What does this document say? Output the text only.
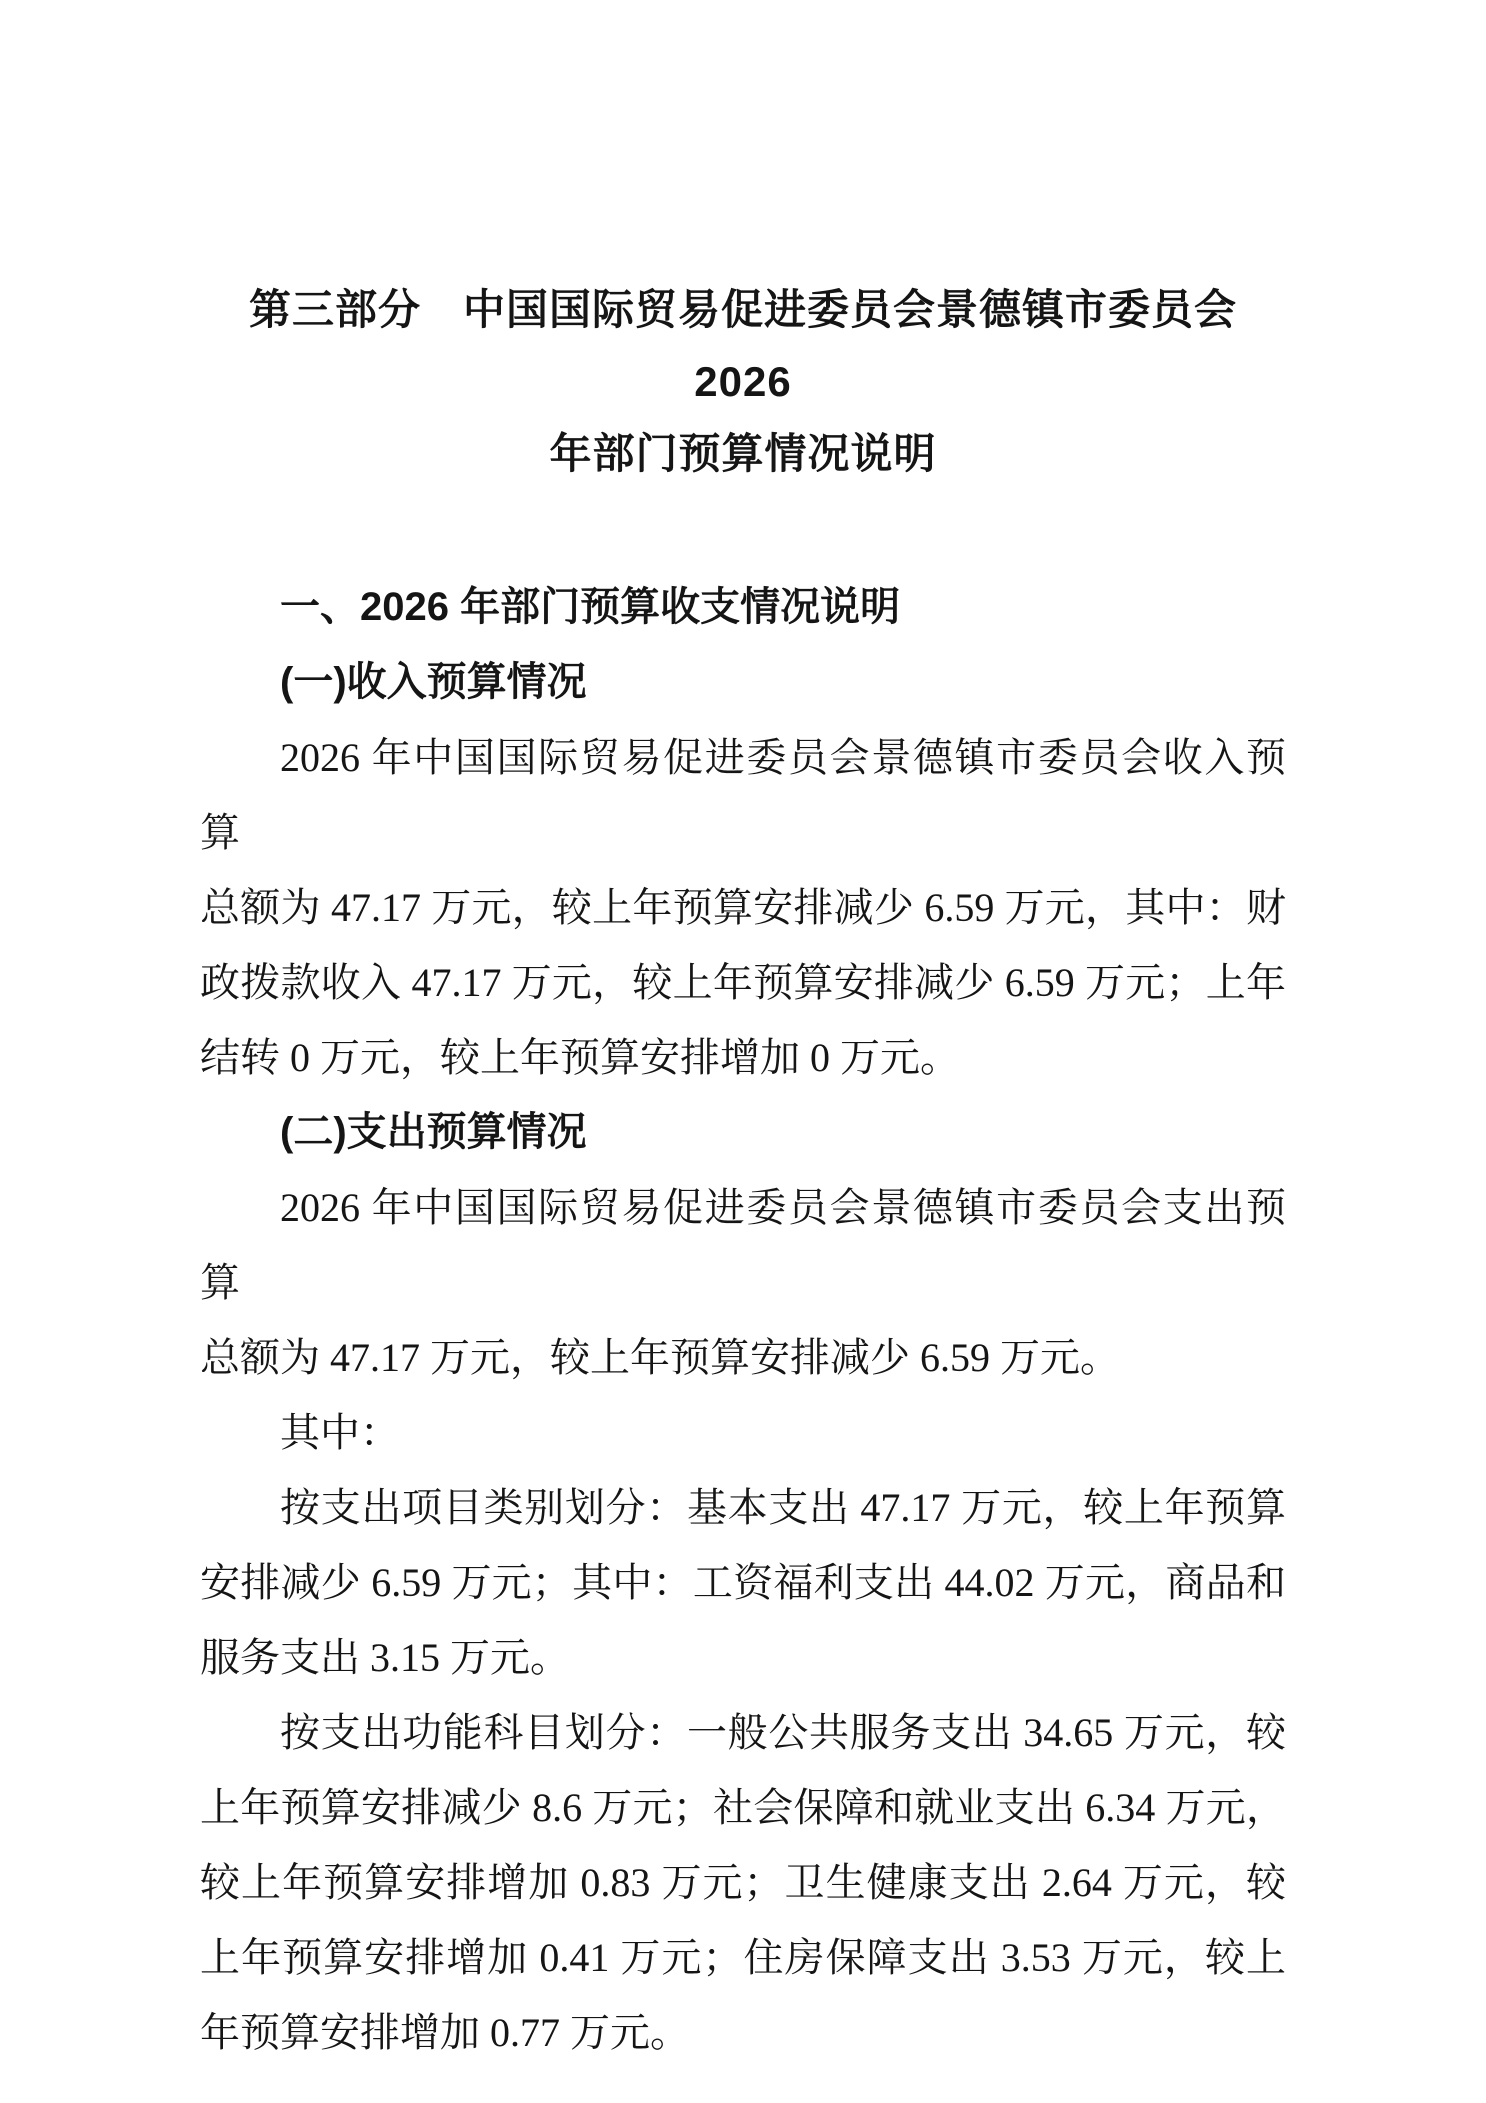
第三部分 中国国际贸易促进委员会景德镇市委员会 2026
年部门预算情况说明
一、2026 年部门预算收支情况说明
(一)收入预算情况
2026 年中国国际贸易促进委员会景德镇市委员会收入预算
总额为 47.17 万元，较上年预算安排减少 6.59 万元，其中：财
政拨款收入 47.17 万元，较上年预算安排减少 6.59 万元；上年
结转 0 万元，较上年预算安排增加 0 万元。
(二)支出预算情况
2026 年中国国际贸易促进委员会景德镇市委员会支出预算
总额为 47.17 万元，较上年预算安排减少 6.59 万元。
其中：
按支出项目类别划分：基本支出 47.17 万元，较上年预算
安排减少 6.59 万元；其中：工资福利支出 44.02 万元，商品和
服务支出 3.15 万元。
按支出功能科目划分：一般公共服务支出 34.65 万元，较
上年预算安排减少 8.6 万元；社会保障和就业支出 6.34 万元，
较上年预算安排增加 0.83 万元；卫生健康支出 2.64 万元，较
上年预算安排增加 0.41 万元；住房保障支出 3.53 万元，较上
年预算安排增加 0.77 万元。
